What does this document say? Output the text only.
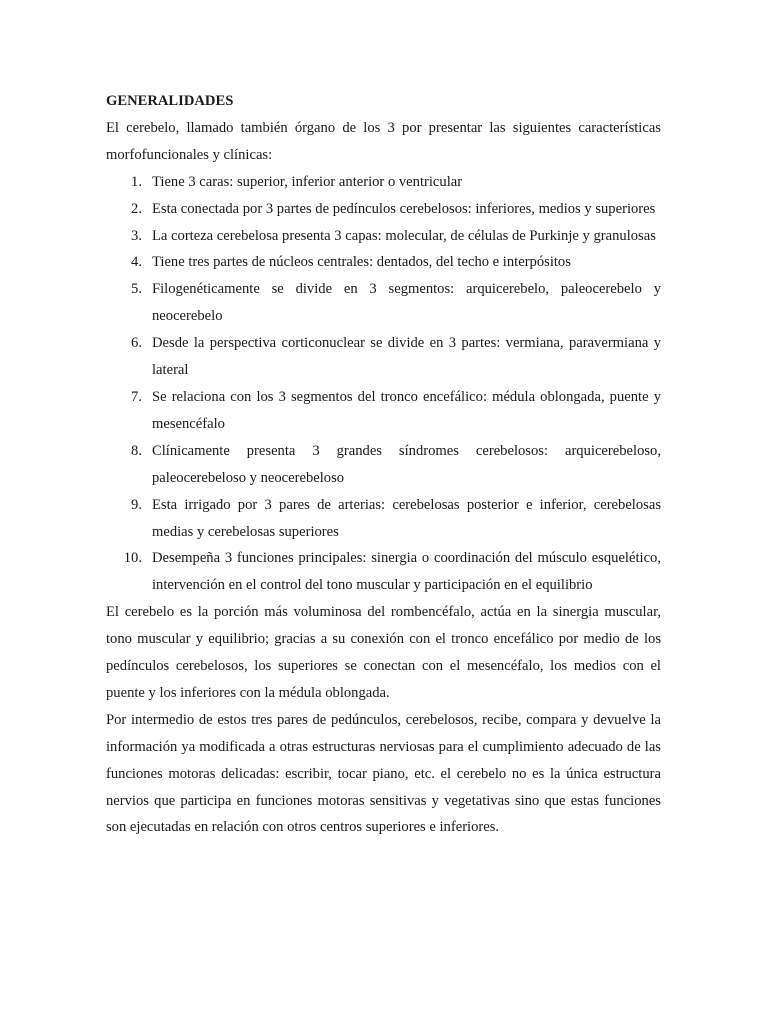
GENERALIDADES

El cerebelo, llamado también órgano de los 3 por presentar las siguientes características morfofuncionales y clínicas:

1. Tiene 3 caras: superior, inferior anterior o ventricular
2. Esta conectada por 3 partes de pedínculos cerebelosos: inferiores, medios y superiores
3. La corteza cerebelosa presenta 3 capas: molecular, de células de Purkinje y granulosas
4. Tiene tres partes de núcleos centrales: dentados, del techo e interpósitos
5. Filogenéticamente se divide en 3 segmentos: arquicerebelo, paleocerebelo y neocerebelo
6. Desde la perspectiva corticonuclear se divide en 3 partes: vermiana, paravermiana y lateral
7. Se relaciona con los 3 segmentos del tronco encefálico: médula oblongada, puente y mesencéfalo
8. Clínicamente presenta 3 grandes síndromes cerebelosos: arquicerebeloso, paleocerebeloso y neocerebeloso
9. Esta irrigado por 3 pares de arterias: cerebelosas posterior e inferior, cerebelosas medias y cerebelosas superiores
10. Desempeña 3 funciones principales: sinergia o coordinación del músculo esquelético, intervención en el control del tono muscular y participación en el equilibrio

El cerebelo es la porción más voluminosa del rombencéfalo, actúa en la sinergia muscular, tono muscular y equilibrio; gracias a su conexión con el tronco encefálico por medio de los pedínculos cerebelosos, los superiores se conectan con el mesencéfalo, los medios con el puente y los inferiores con la médula oblongada.

Por intermedio de estos tres pares de pedúnculos, cerebelosos, recibe, compara y devuelve la información ya modificada a otras estructuras nerviosas para el cumplimiento adecuado de las funciones motoras delicadas: escribir, tocar piano, etc. el cerebelo no es la única estructura nervios que participa en funciones motoras sensitivas y vegetativas sino que estas funciones son ejecutadas en relación con otros centros superiores e inferiores.
